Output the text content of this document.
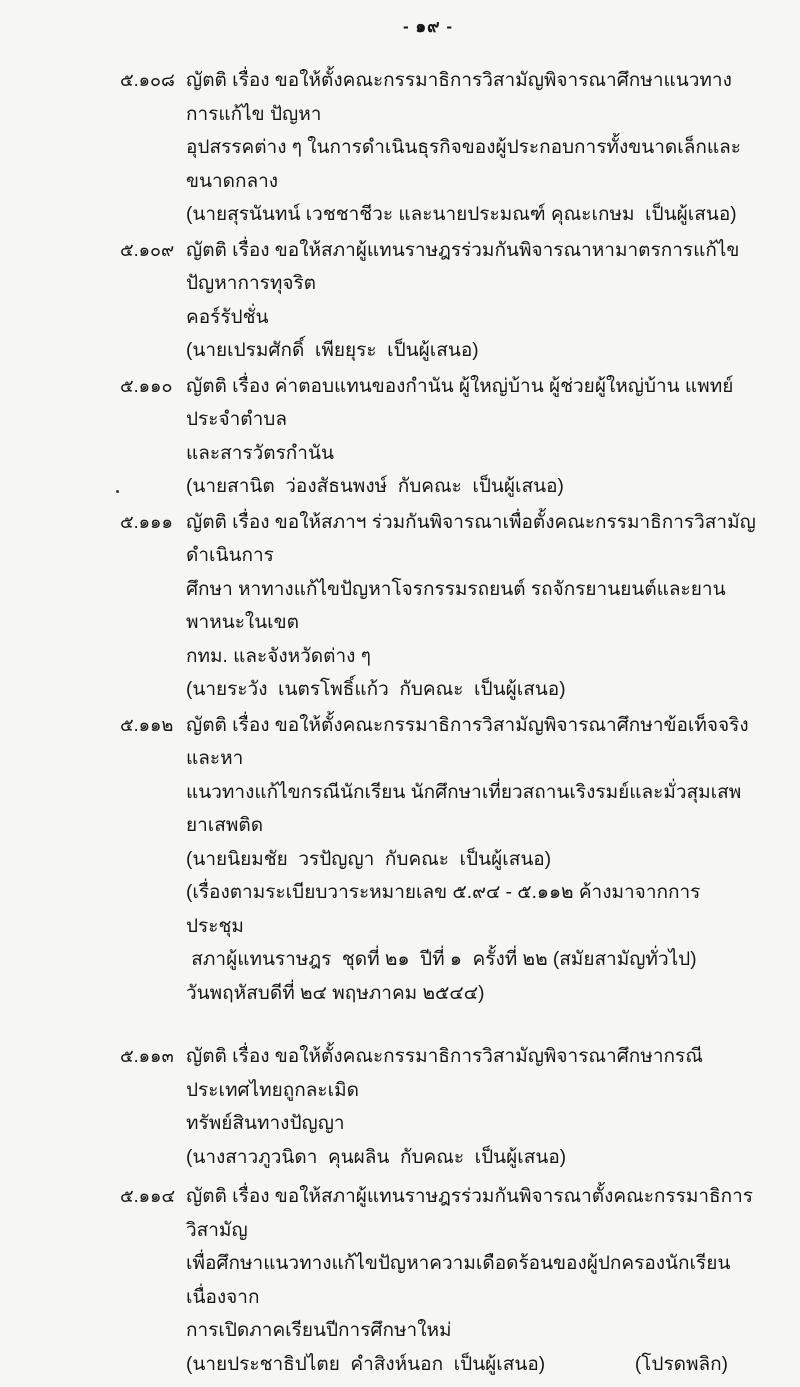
- ๑๙ -
๕.๑๐๘ ญัตติ เรื่อง ขอให้ตั้งคณะกรรมาธิการวิสามัญพิจารณาศึกษาแนวทางการแก้ไข ปัญหา
อุปสรรคต่าง ๆ ในการดำเนินธุรกิจของผู้ประกอบการทั้งขนาดเล็กและขนาดกลาง
(นายสุรนันทน์ เวชชาชีวะ และนายประมณฑ์ คุณะเกษม  เป็นผู้เสนอ)
๕.๑๐๙ ญัตติ เรื่อง ขอให้สภาผู้แทนราษฎรร่วมกันพิจารณาหามาตรการแก้ไขปัญหาการทุจริต
คอร์รัปชั่น
(นายเปรมศักดิ์  เพียยุระ  เป็นผู้เสนอ)
๕.๑๑๐ ญัตติ เรื่อง ค่าตอบแทนของกำนัน ผู้ใหญ่บ้าน ผู้ช่วยผู้ใหญ่บ้าน แพทย์ประจำตำบล
และสารวัตรกำนัน
(นายสานิต  ว่องสัธนพงษ์  กับคณะ  เป็นผู้เสนอ)
๕.๑๑๑ ญัตติ เรื่อง ขอให้สภาฯ ร่วมกันพิจารณาเพื่อตั้งคณะกรรมาธิการวิสามัญดำเนินการ
ศึกษา หาทางแก้ไขปัญหาโจรกรรมรถยนต์ รถจักรยานยนต์และยานพาหนะในเขต
กทม. และจังหวัดต่าง ๆ
(นายระวัง  เนตรโพธิ์แก้ว  กับคณะ  เป็นผู้เสนอ)
๕.๑๑๒ ญัตติ เรื่อง ขอให้ตั้งคณะกรรมาธิการวิสามัญพิจารณาศึกษาข้อเท็จจริงและหา
แนวทางแก้ไขกรณีนักเรียน นักศึกษาเที่ยวสถานเริงรมย์และมั่วสุมเสพยาเสพติด
(นายนิยมชัย  วรปัญญา  กับคณะ  เป็นผู้เสนอ)
(เรื่องตามระเบียบวาระหมายเลข ๕.๙๔ - ๕.๑๑๒ ค้างมาจากการประชุม
สภาผู้แทนราษฎร  ชุดที่ ๒๑  ปีที่ ๑  ครั้งที่ ๒๒ (สมัยสามัญทั่วไป)
วันพฤหัสบดีที่ ๒๔ พฤษภาคม ๒๕๔๔)
๕.๑๑๓ ญัตติ เรื่อง ขอให้ตั้งคณะกรรมาธิการวิสามัญพิจารณาศึกษากรณีประเทศไทยถูกละเมิด
ทรัพย์สินทางปัญญา
(นางสาวภูวนิดา  คุนผลิน  กับคณะ  เป็นผู้เสนอ)
๕.๑๑๔ ญัตติ เรื่อง ขอให้สภาผู้แทนราษฎรร่วมกันพิจารณาตั้งคณะกรรมาธิการวิสามัญ
เพื่อศึกษาแนวทางแก้ไขปัญหาความเดือดร้อนของผู้ปกครองนักเรียน เนื่องจาก
การเปิดภาคเรียนปีการศึกษาใหม่
(นายประชาธิปไตย  คำสิงห์นอก  เป็นผู้เสนอ)	(โปรดพลิก)
